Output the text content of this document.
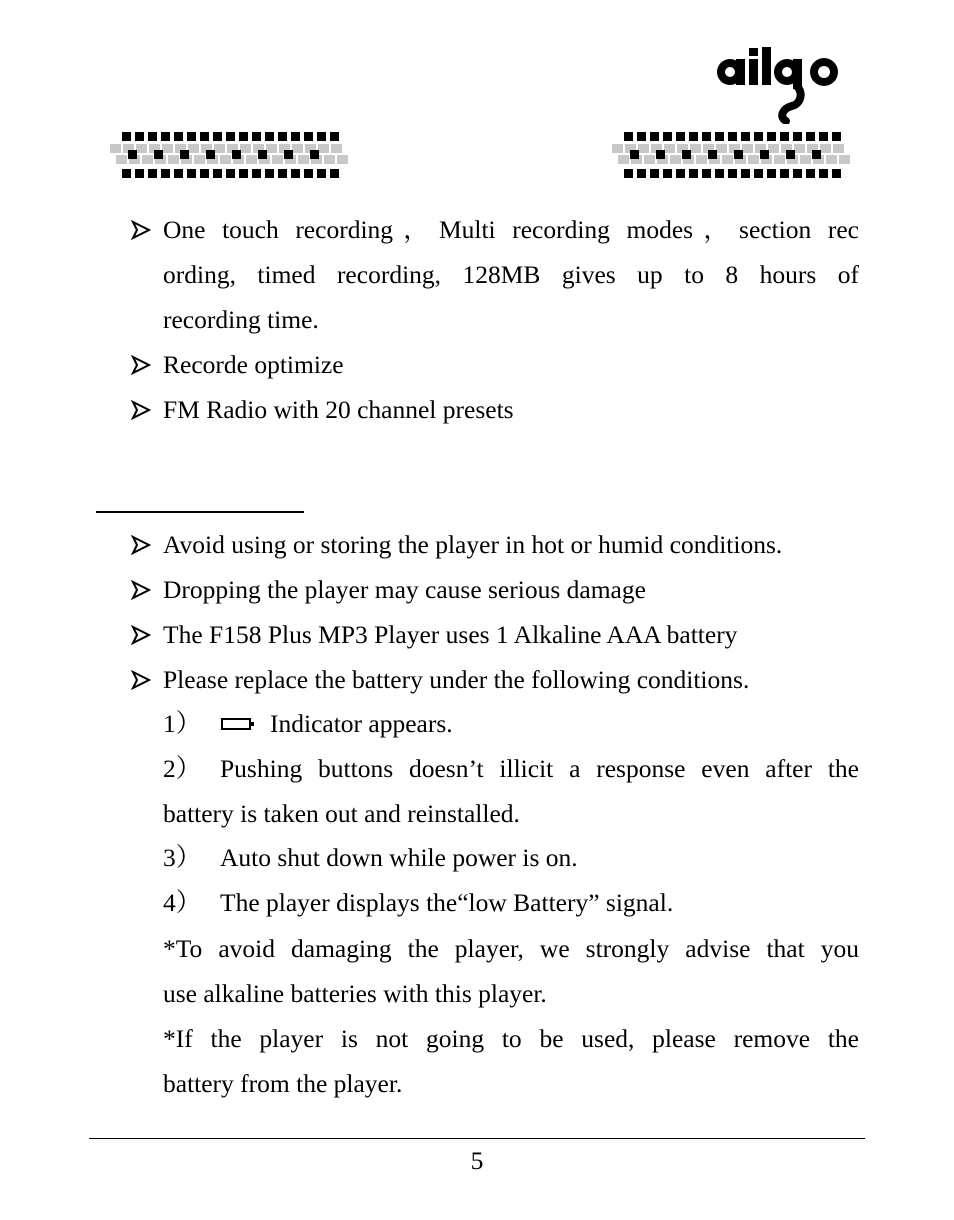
One touch recording，Multi recording modes，section rec
ording, timed recording, 128MB gives up to 8 hours of
recording time.
Recorde optimize
FM Radio with 20 channel presets
Avoid using or storing the player in hot or humid conditions.
Dropping the player may cause serious damage
The F158 Plus MP3 Player uses 1 Alkaline AAA battery
Please replace the battery under the following conditions.
1）	Indicator appears.
2） Pushing buttons doesn’t illicit a response even after the
battery is taken out and reinstalled.
3） Auto shut down while power is on.
4） The player displays the“low Battery” signal.
*To avoid damaging the player, we strongly advise that you
use alkaline batteries with this player.
*If the player is not going to be used, please remove the
battery from the player.
5
